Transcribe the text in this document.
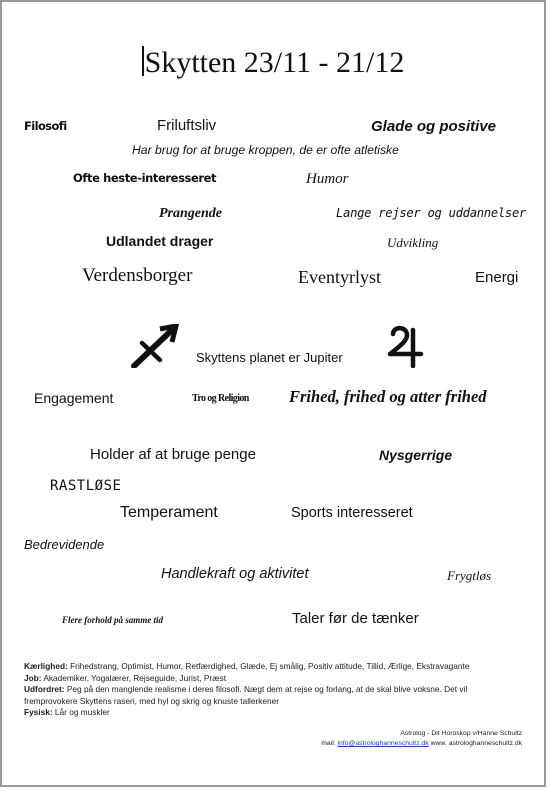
Skytten 23/11 - 21/12
Filosofi	Friluftsliv	Glade og positive
Har brug for at bruge kroppen, de er ofte atletiske
Ofte heste-interesseret	Humor
Prangende	Lange rejser og uddannelser
Udlandet drager	Udvikling
Verdensborger	Eventyrlyst	Energi
Skyttens planet er Jupiter
Engagement	Tro og Religion Frihed, frihed og atter frihed
Holder af at bruge penge	Nysgerrige
RASTLØSE
Temperament	Sports interesseret
Bedrevidende
Handlekraft og aktivitet	Frygtløs
Flere forhold på samme tid	Taler før de tænker
Kærlighed: Frihedstrang, Optimist, Humor, Retfærdighed, Glæde, Ej smålig, Positiv attitude, Tillid, Ærlige, Ekstravagante
Job: Akademiker, Yogalærer, Rejseguide, Jurist, Præst
Udfordret: Peg på den manglende realisme i deres filosofi. Nægt dem at rejse og forlang, at de skal blive voksne. Det vil
fremprovokere Skyttens raseri, med hyl og skrig og knuste tallerkener
Fysisk: Lår og muskler
Astrolog - Dit Horoskop v/Hanne Schultz
mail: info@astrologhanneschultz.dk www. astrologhanneschultz.dk
